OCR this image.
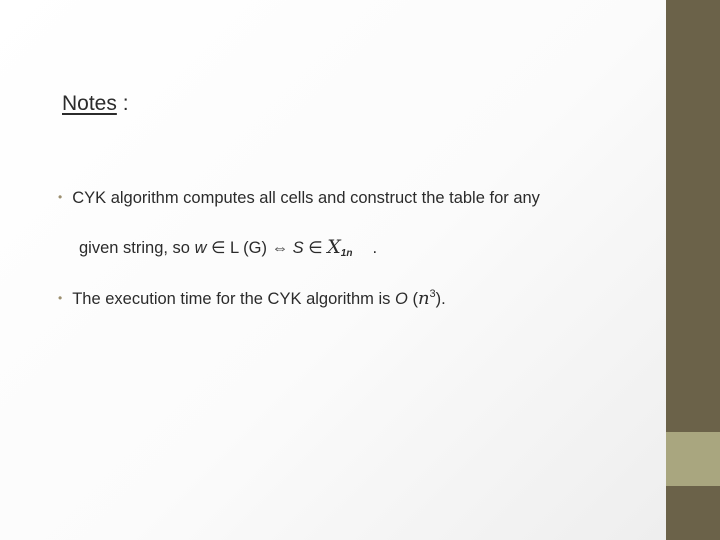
Notes :
• CYK algorithm computes all cells and construct the table for any
given string, so w ∈ L (G) ⇔ S ∈ $X_{1n}$ .
• The execution time for the CYK algorithm is O $(n^3)$.
